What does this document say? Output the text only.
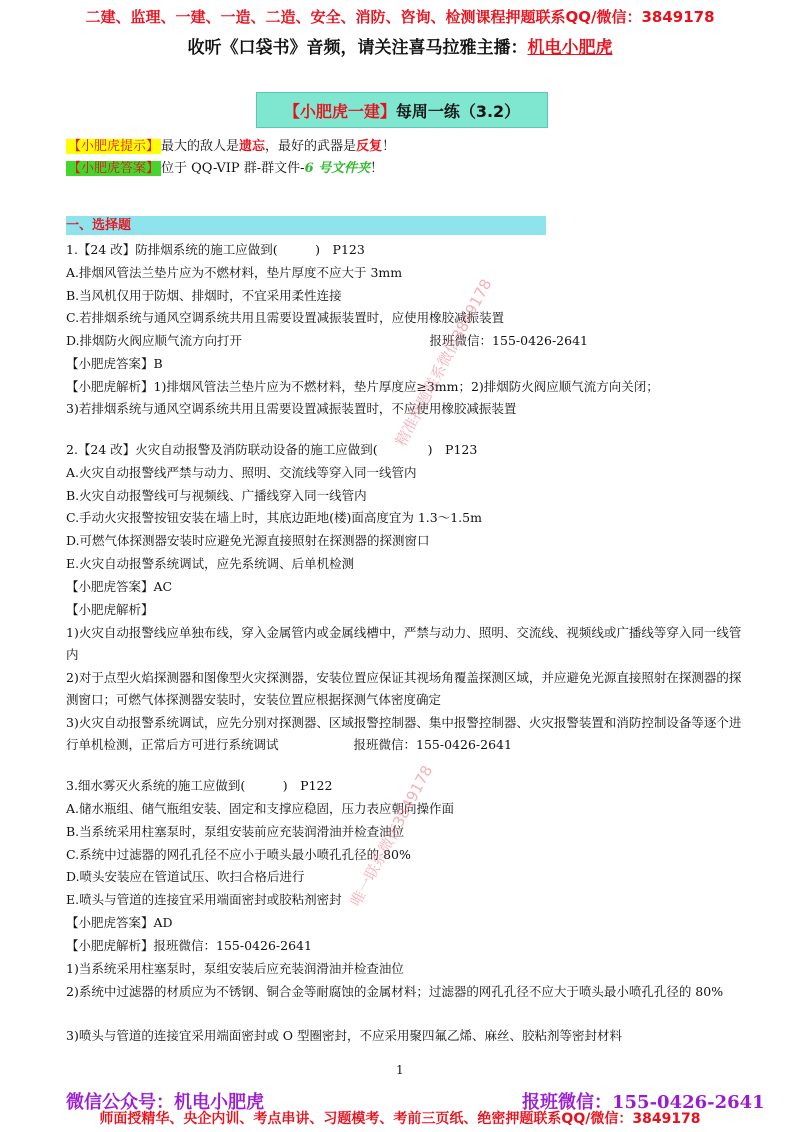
二建、监理、一建、一造、二造、安全、消防、咨询、检测课程押题联系QQ/微信：3849178
收听《口袋书》音频，请关注喜马拉雅主播：机电小肥虎
【小肥虎一建】 每周一练（3.2）
【小肥虎提示】 最大的敌人是遗忘，最好的武器是反复！
【小肥虎答案】 位于 QQ-VIP 群-群文件-6 号文件夹！
一、选择题
1.【24 改】防排烟系统的施工应做到(　　　)　P123
A.排烟风管法兰垫片应为不燃材料，垫片厚度不应大于 3mm
B.当风机仅用于防烟、排烟时，不宜采用柔性连接
C.若排烟系统与通风空调系统共用且需要设置减振装置时，应使用橡胶减振装置
D.排烟防火阀应顺气流方向打开　　　　　　　　　　　　　　　报班微信：155-0426-2641
【小肥虎答案】B
【小肥虎解析】1)排烟风管法兰垫片应为不燃材料，垫片厚度应≥3mm；2)排烟防火阀应顺气流方向关闭；
3)若排烟系统与通风空调系统共用且需要设置减振装置时，不应使用橡胶减振装置
2.【24 改】火灾自动报警及消防联动设备的施工应做到(　　　　)　P123
A.火灾自动报警线严禁与动力、照明、交流线等穿入同一线管内
B.火灾自动报警线可与视频线、广播线穿入同一线管内
C.手动火灾报警按钮安装在墙上时，其底边距地(楼)面高度宜为 1.3～1.5m
D.可燃气体探测器安装时应避免光源直接照射在探测器的探测窗口
E.火灾自动报警系统调试，应先系统调、后单机检测
【小肥虎答案】AC
【小肥虎解析】
1)火灾自动报警线应单独布线，穿入金属管内或金属线槽中，严禁与动力、照明、交流线、视频线或广播线等穿入同一线管内
2)对于点型火焰探测器和图像型火灾探测器，安装位置应保证其视场角覆盖探测区域，并应避免光源直接照射在探测器的探测窗口；可燃气体探测器安装时，安装位置应根据探测气体密度确定
3)火灾自动报警系统调试，应先分别对探测器、区域报警控制器、集中报警控制器、火灾报警装置和消防控制设备等逐个进行单机检测，正常后方可进行系统调试　　　　　　报班微信：155-0426-2641
3.细水雾灭火系统的施工应做到(　　　)　P122
A.储水瓶组、储气瓶组安装、固定和支撑应稳固，压力表应朝向操作面
B.当系统采用柱塞泵时，泵组安装前应充装润滑油并检查油位
C.系统中过滤器的网孔孔径不应小于喷头最小喷孔孔径的 80%
D.喷头安装应在管道试压、吹扫合格后进行
E.喷头与管道的连接宜采用端面密封或胶粘剂密封
【小肥虎答案】AD
【小肥虎解析】报班微信：155-0426-2641
1)当系统采用柱塞泵时，泵组安装后应充装润滑油并检查油位
2)系统中过滤器的材质应为不锈钢、铜合金等耐腐蚀的金属材料；过滤器的网孔孔径不应大于喷头最小喷孔孔径的 80%
3)喷头与管道的连接宜采用端面密封或 O 型圈密封，不应采用聚四氟乙烯、麻丝、胶粘剂等密封材料
精准押题联系微信3849178
唯一联系微信3849178
1
微信公众号：机电小肥虎	报班微信：155-0426-2641
师面授精华、央企内训、考点串讲、习题模考、考前三页纸、绝密押题联系QQ/微信：3849178
